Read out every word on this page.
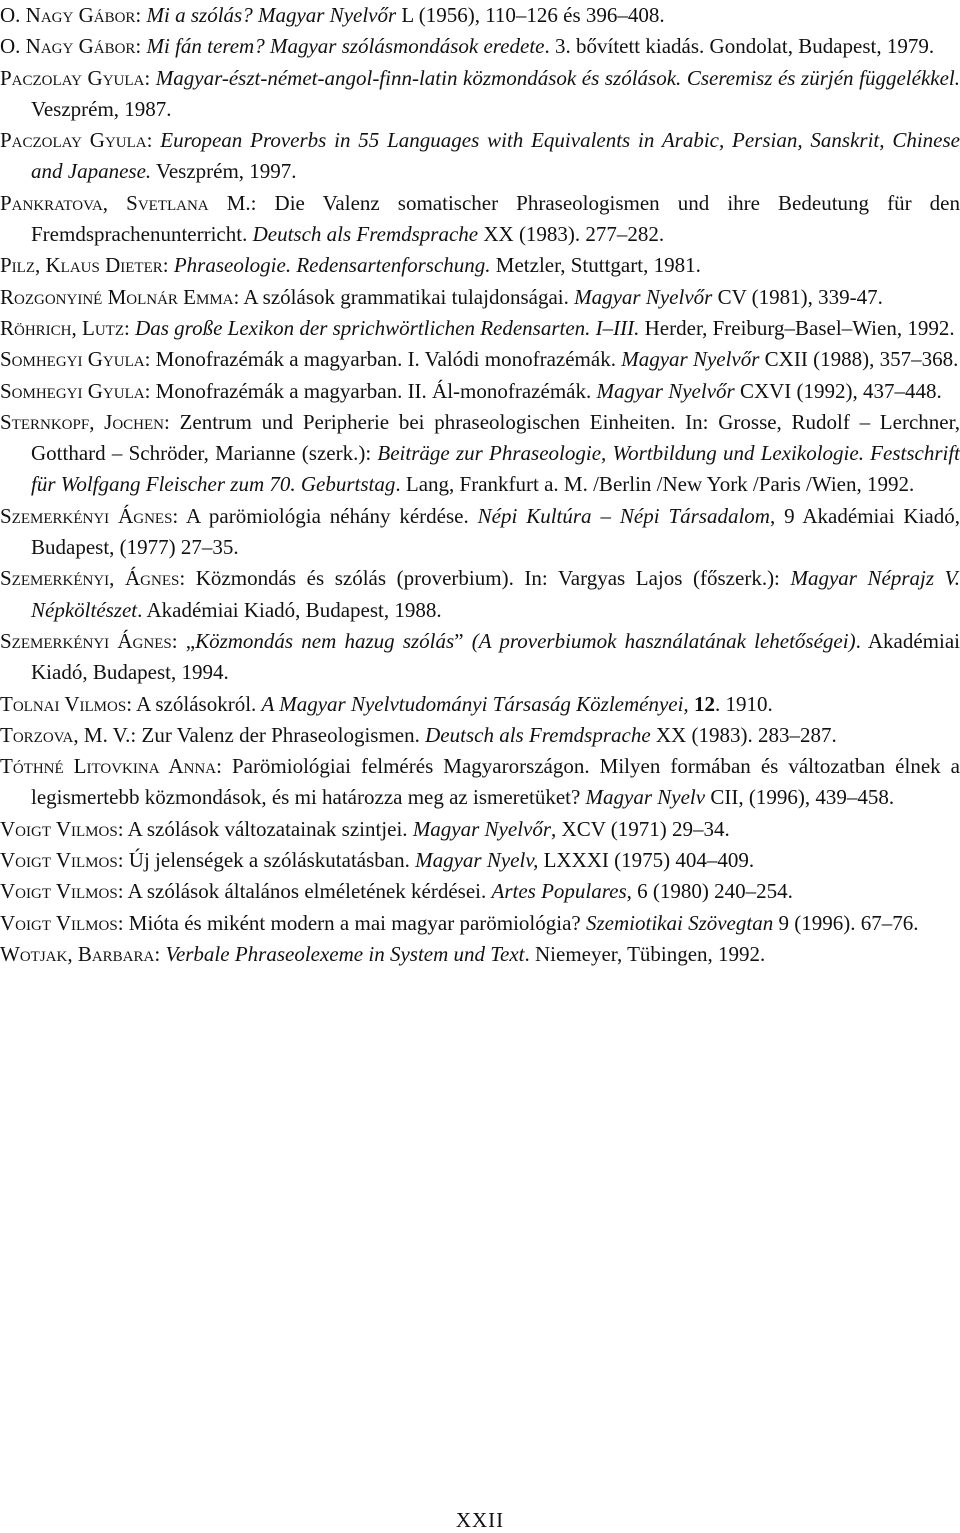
O. Nagy Gábor: Mi a szólás? Magyar Nyelvőr L (1956), 110–126 és 396–408.

O. Nagy Gábor: Mi fán terem? Magyar szólásmondások eredete. 3. bővített kiadás. Gondolat, Budapest, 1979.

Paczolay Gyula: Magyar-észt-német-angol-finn-latin közmondások és szólások. Cseremisz és zürjén függelékkel. Veszprém, 1987.

Paczolay Gyula: European Proverbs in 55 Languages with Equivalents in Arabic, Persian, Sanskrit, Chinese and Japanese. Veszprém, 1997.

Pankratova, Svetlana M.: Die Valenz somatischer Phraseologismen und ihre Bedeutung für den Fremdsprachenunterricht. Deutsch als Fremdsprache XX (1983). 277–282.

Pilz, Klaus Dieter: Phraseologie. Redensartenforschung. Metzler, Stuttgart, 1981.

Rozgonyiné Molnár Emma: A szólások grammatikai tulajdonságai. Magyar Nyelvőr CV (1981), 339-47.

Röhrich, Lutz: Das große Lexikon der sprichwörtlichen Redensarten. I–III. Herder, Freiburg–Basel–Wien, 1992.

Somhegyi Gyula: Monofrazémák a magyarban. I. Valódi monofrazémák. Magyar Nyelvőr CXII (1988), 357–368.

Somhegyi Gyula: Monofrazémák a magyarban. II. Ál-monofrazémák. Magyar Nyelvőr CXVI (1992), 437–448.

Sternkopf, Jochen: Zentrum und Peripherie bei phraseologischen Einheiten. In: Grosse, Rudolf – Lerchner, Gotthard – Schröder, Marianne (szerk.): Beiträge zur Phraseologie, Wortbildung und Lexikologie. Festschrift für Wolfgang Fleischer zum 70. Geburtstag. Lang, Frankfurt a. M. /Berlin /New York /Paris /Wien, 1992.

Szemerkényi Ágnes: A parömiológia néhány kérdése. Népi Kultúra – Népi Társadalom, 9 Akadémiai Kiadó, Budapest, (1977) 27–35.

Szemerkényi, Ágnes: Közmondás és szólás (proverbium). In: Vargyas Lajos (főszerk.): Magyar Néprajz V. Népköltészet. Akadémiai Kiadó, Budapest, 1988.

Szemerkényi Ágnes: „Közmondás nem hazug szólás” (A proverbiumok használatának lehetőségei). Akadémiai Kiadó, Budapest, 1994.

Tolnai Vilmos: A szólásokról. A Magyar Nyelvtudományi Társaság Közleményei, 12. 1910.

Torzova, M. V.: Zur Valenz der Phraseologismen. Deutsch als Fremdsprache XX (1983). 283–287.

Tóthné Litovkina Anna: Parömiológiai felmérés Magyarországon. Milyen formában és változatban élnek a legismertebb közmondások, és mi határozza meg az ismeretüket? Magyar Nyelv CII, (1996), 439–458.

Voigt Vilmos: A szólások változatainak szintjei. Magyar Nyelvőr, XCV (1971) 29–34.

Voigt Vilmos: Új jelenségek a szóláskutatásban. Magyar Nyelv, LXXXI (1975) 404–409.

Voigt Vilmos: A szólások általános elméletének kérdései. Artes Populares, 6 (1980) 240–254.

Voigt Vilmos: Mióta és miként modern a mai magyar parömiológia? Szemiotikai Szövegtan 9 (1996). 67–76.

Wotjak, Barbara: Verbale Phraseolexeme in System und Text. Niemeyer, Tübingen, 1992.

XXII
